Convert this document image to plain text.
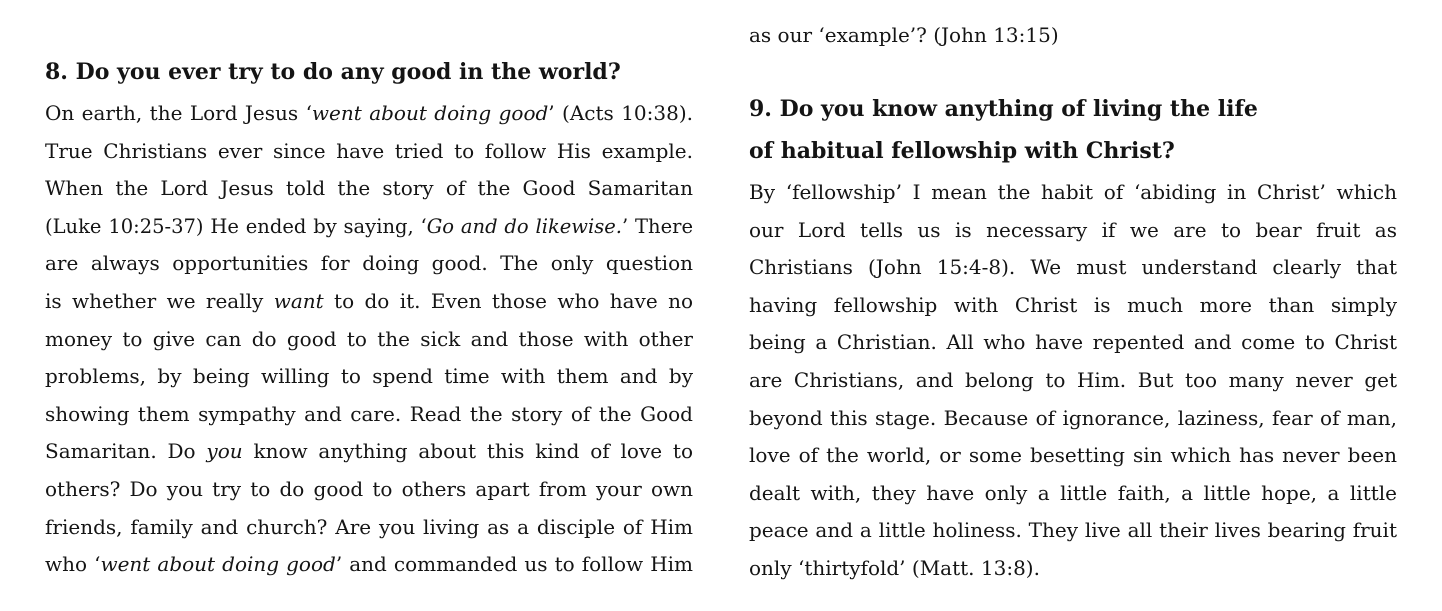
8. Do you ever try to do any good in the world?
On earth, the Lord Jesus ‘went about doing good’ (Acts 10:38).
True Christians ever since have tried to follow His example.
When the Lord Jesus told the story of the Good Samaritan
(Luke 10:25-37) He ended by saying, ‘Go and do likewise.’ There
are always opportunities for doing good. The only question
is whether we really want to do it. Even those who have no
money to give can do good to the sick and those with other
problems, by being willing to spend time with them and by
showing them sympathy and care. Read the story of the Good
Samaritan. Do you know anything about this kind of love to
others? Do you try to do good to others apart from your own
friends, family and church? Are you living as a disciple of Him
who ‘went about doing good’ and commanded us to follow Him
as our ‘example’? (John 13:15)
9. Do you know anything of living the life
of habitual fellowship with Christ?
By ‘fellowship’ I mean the habit of ‘abiding in Christ’ which
our Lord tells us is necessary if we are to bear fruit as
Christians (John 15:4-8). We must understand clearly that
having fellowship with Christ is much more than simply
being a Christian. All who have repented and come to Christ
are Christians, and belong to Him. But too many never get
beyond this stage. Because of ignorance, laziness, fear of man,
love of the world, or some besetting sin which has never been
dealt with, they have only a little faith, a little hope, a little
peace and a little holiness. They live all their lives bearing fruit
only ‘thirtyfold’ (Matt. 13:8).
